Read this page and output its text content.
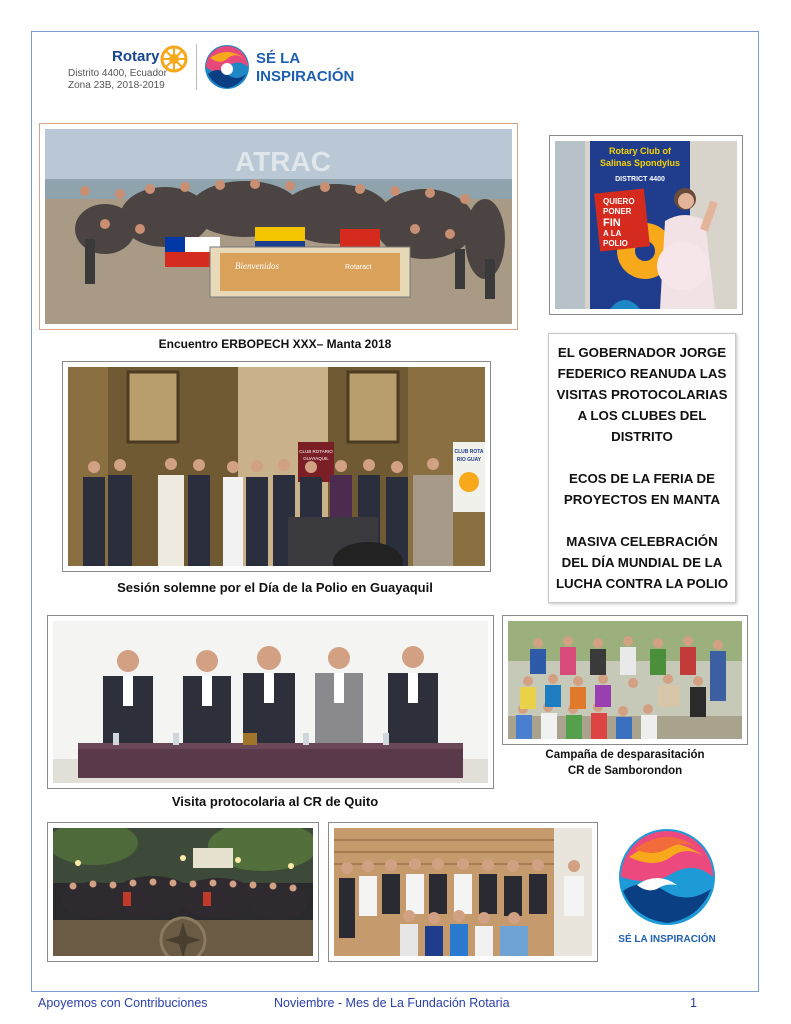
Rotary
Distrito 4400, Ecuador
Zona 23B, 2018-2019
SÉ LA
INSPIRACIÓN
ATRAC
Bienvenidos	Rotaract
Encuentro ERBOPECH XXX– Manta 2018
Rotary Club of
Salinas Spondylus
DISTRICT 4400
QUIERO
PONER
FIN
A LA
POLIO
CLUB ROTARIO
GUAYAQUIL
CLUB ROTA
RIO GUAY
Sesión solemne por el Día de la Polio en Guayaquil

EL GOBERNADOR JORGE FEDERICO REANUDA LAS VISITAS PROTOCOLARIAS A LOS CLUBES DEL DISTRITO

ECOS DE LA FERIA DE PROYECTOS EN MANTA

MASIVA CELEBRACIÓN DEL DÍA MUNDIAL DE LA LUCHA CONTRA LA POLIO

Visita protocolaria al CR de Quito
Campaña de desparasitación
CR de Samborondon
SÉ LA INSPIRACIÓN
Apoyemos con Contribuciones	Noviembre - Mes de La Fundación Rotaria	1
